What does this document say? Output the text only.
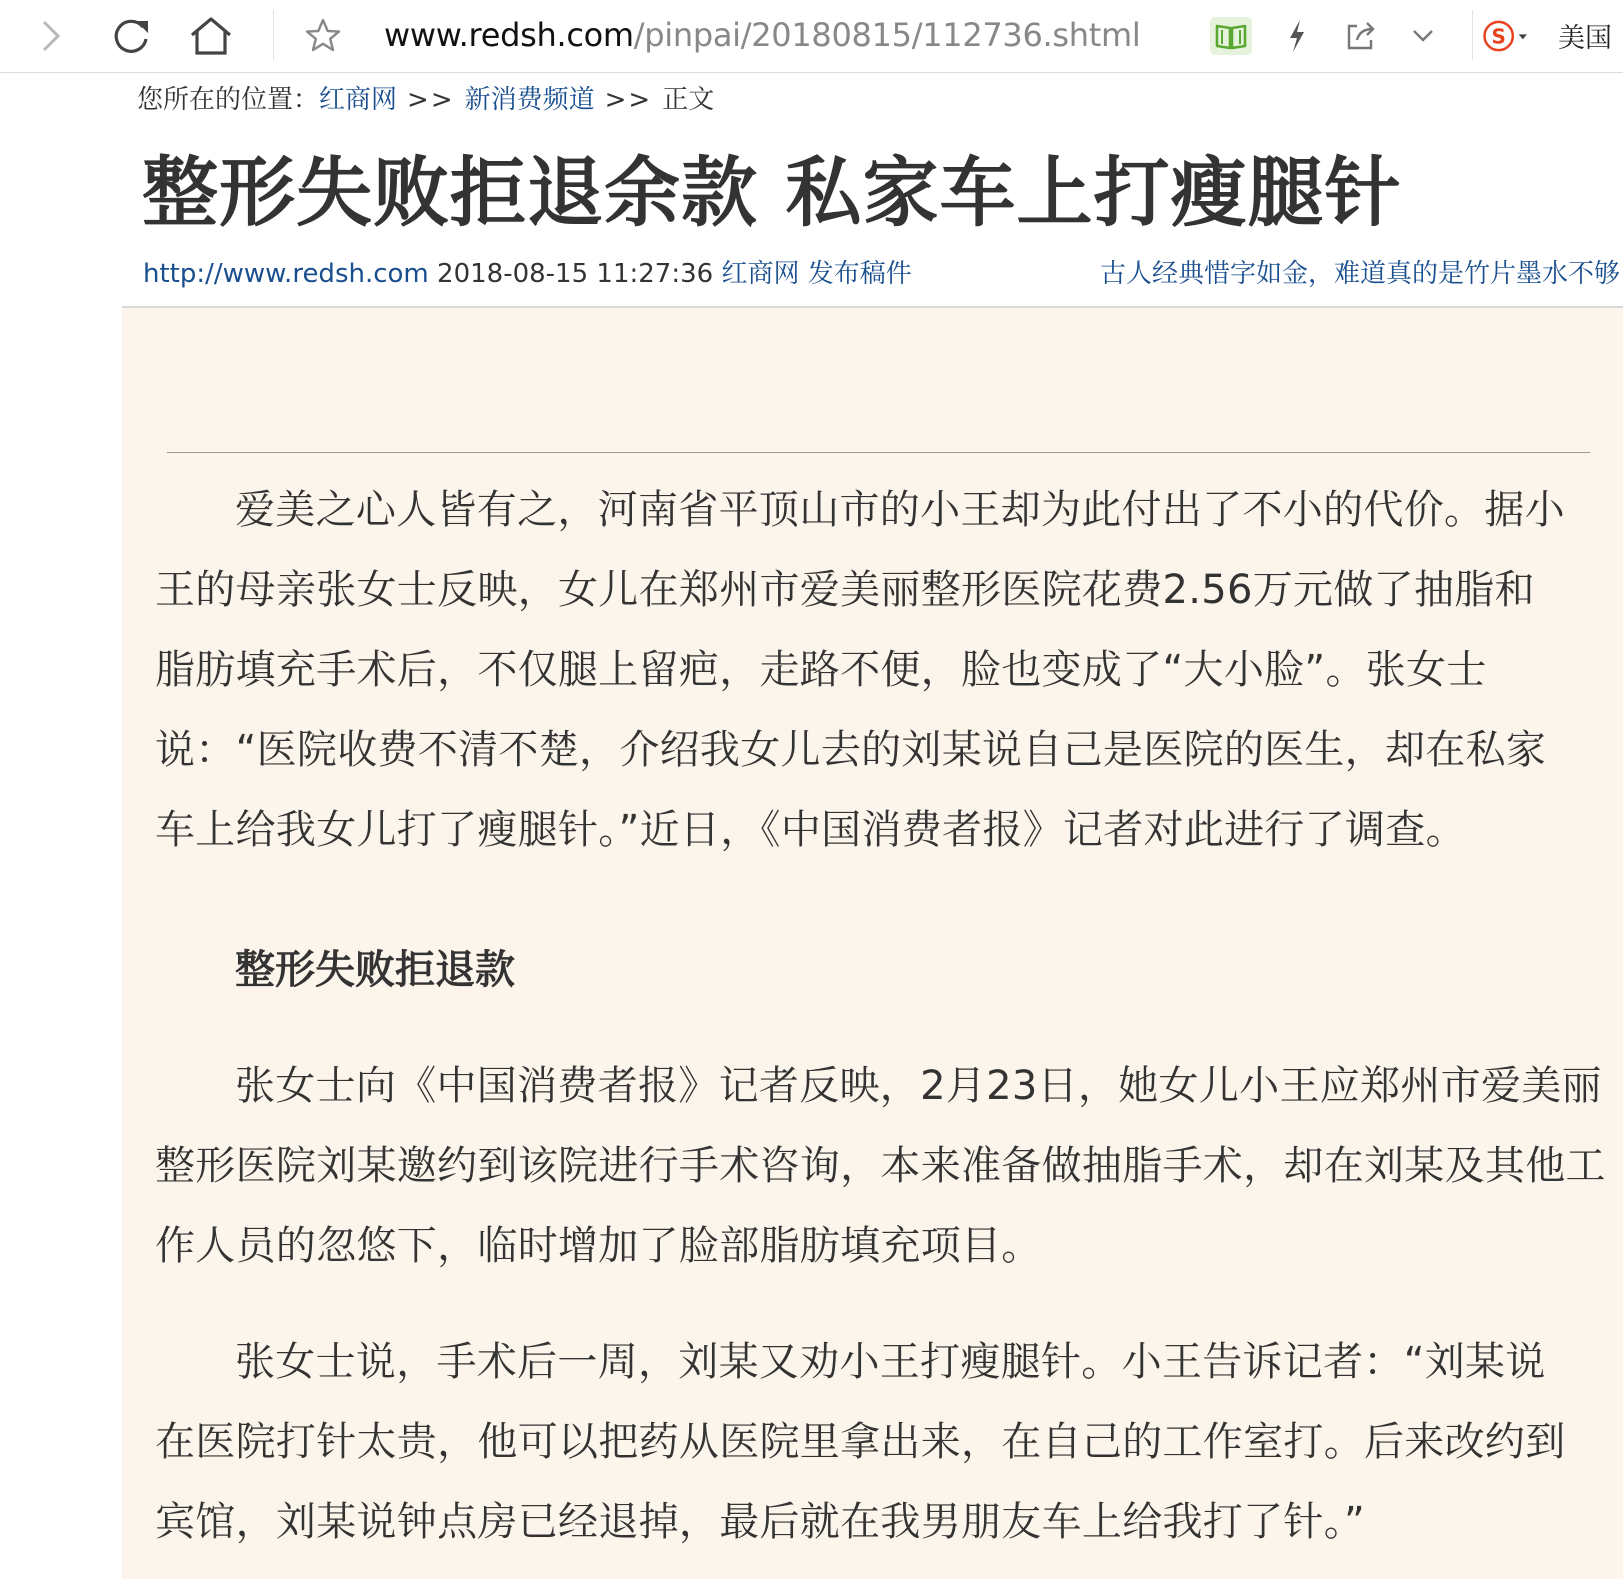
www.redsh.com/pinpai/20180815/112736.shtml	S 美国
您所在的位置：红商网 >> 新消费频道 >> 正文
整形失败拒退余款 私家车上打瘦腿针
http://www.redsh.com 2018-08-15 11:27:36 红商网 发布稿件	古人经典惜字如金，难道真的是竹片墨水不够
爱美之心人皆有之，河南省平顶山市的小王却为此付出了不小的代价。据小王的母亲张女士反映，女儿在郑州市爱美丽整形医院花费2.56万元做了抽脂和脂肪填充手术后，不仅腿上留疤，走路不便，脸也变成了“大小脸”。张女士说：“医院收费不清不楚，介绍我女儿去的刘某说自己是医院的医生，却在私家车上给我女儿打了瘦腿针。”近日，《中国消费者报》记者对此进行了调查。
整形失败拒退款
张女士向《中国消费者报》记者反映，2月23日，她女儿小王应郑州市爱美丽整形医院刘某邀约到该院进行手术咨询，本来准备做抽脂手术，却在刘某及其他工作人员的忽悠下，临时增加了脸部脂肪填充项目。
张女士说，手术后一周，刘某又劝小王打瘦腿针。小王告诉记者：“刘某说在医院打针太贵，他可以把药从医院里拿出来，在自己的工作室打。后来改约到宾馆，刘某说钟点房已经退掉，最后就在我男朋友车上给我打了针。”
